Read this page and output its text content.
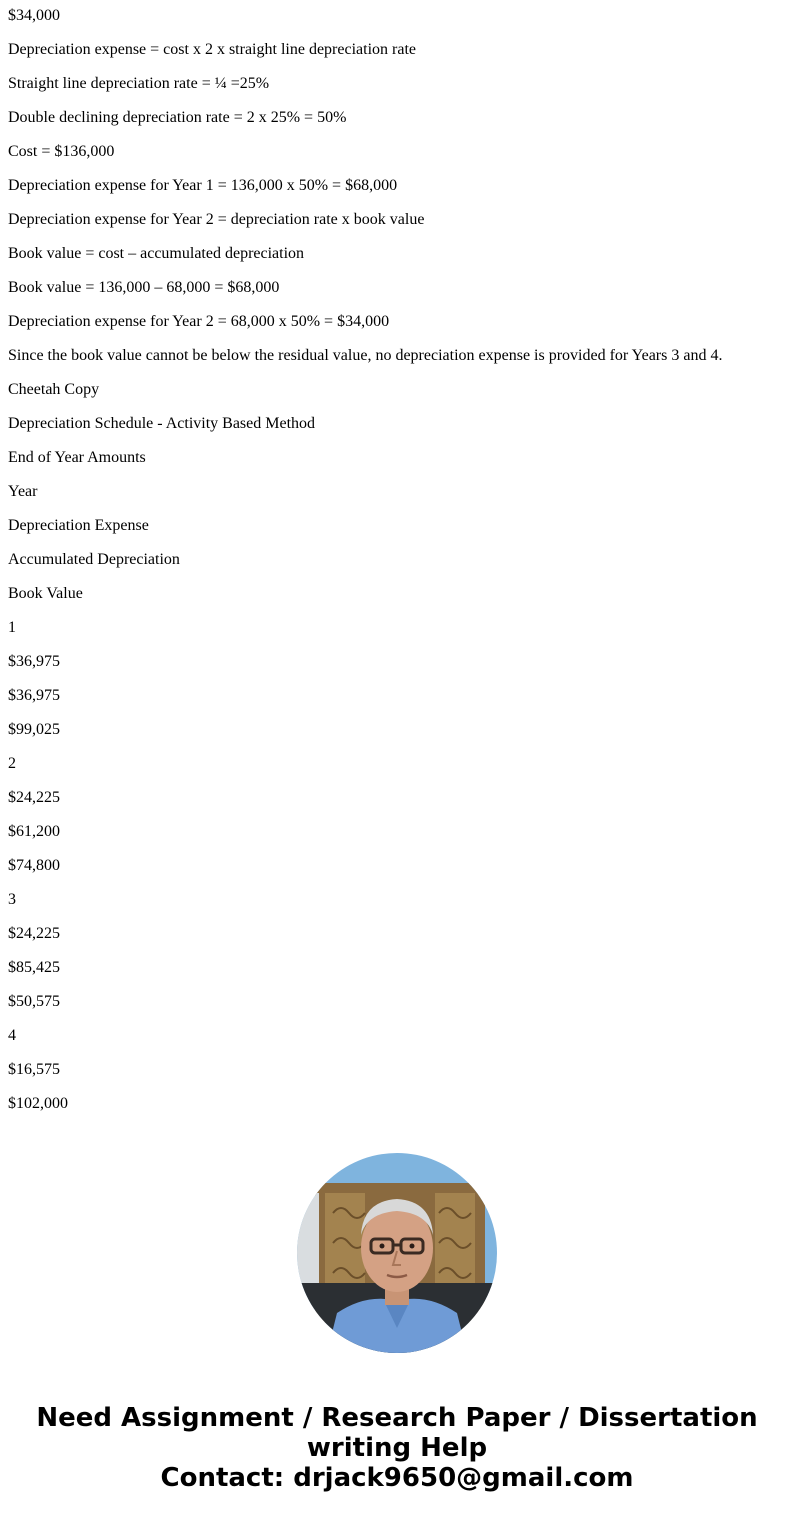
$34,000

Depreciation expense = cost x 2 x straight line depreciation rate

Straight line depreciation rate = ¼ =25%

Double declining depreciation rate = 2 x 25% = 50%

Cost = $136,000

Depreciation expense for Year 1 = 136,000 x 50% = $68,000

Depreciation expense for Year 2 = depreciation rate x book value

Book value = cost – accumulated depreciation

Book value = 136,000 – 68,000 = $68,000

Depreciation expense for Year 2 = 68,000 x 50% = $34,000

Since the book value cannot be below the residual value, no depreciation expense is provided for Years 3 and 4.

Cheetah Copy

Depreciation Schedule - Activity Based Method

End of Year Amounts

Year

Depreciation Expense

Accumulated Depreciation

Book Value

1

$36,975

$36,975

$99,025

2

$24,225

$61,200

$74,800

3

$24,225

$85,425

$50,575

4

$16,575

$102,000

Need Assignment / Research Paper / Dissertation
writing Help
Contact: drjack9650@gmail.com
